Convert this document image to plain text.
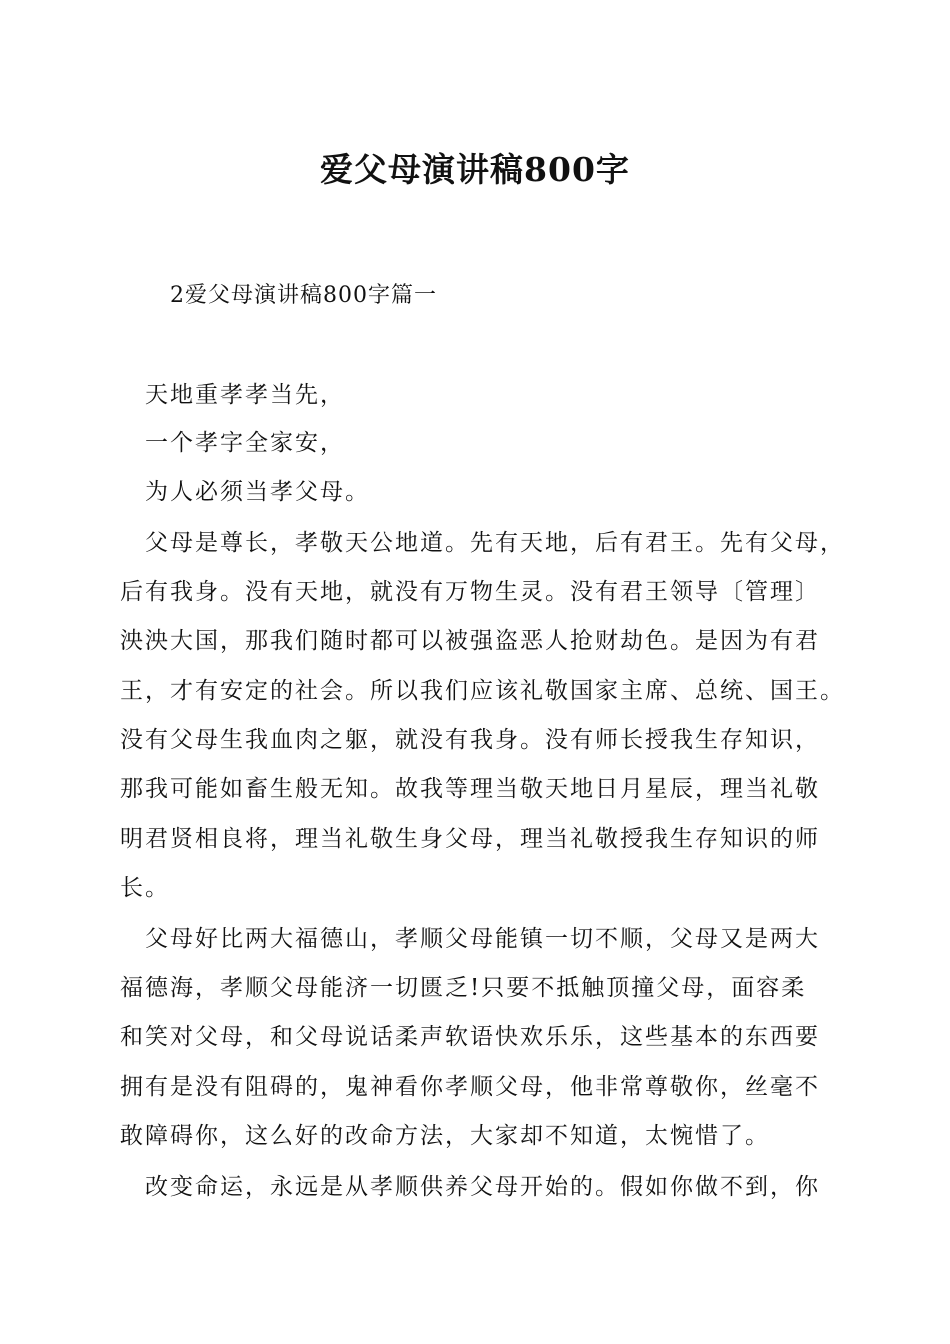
爱父母演讲稿800字

2爱父母演讲稿800字篇一

天地重孝孝当先，

一个孝字全家安，

为人必须当孝父母。

父母是尊长，孝敬天公地道。先有天地，后有君王。先有父母，

后有我身。没有天地，就没有万物生灵。没有君王领导〔管理〕

泱泱大国，那我们随时都可以被强盗恶人抢财劫色。是因为有君

王，才有安定的社会。所以我们应该礼敬国家主席、总统、国王。

没有父母生我血肉之躯，就没有我身。没有师长授我生存知识，

那我可能如畜生般无知。故我等理当敬天地日月星辰，理当礼敬

明君贤相良将，理当礼敬生身父母，理当礼敬授我生存知识的师

长。

父母好比两大福德山，孝顺父母能镇一切不顺，父母又是两大

福德海，孝顺父母能济一切匮乏!只要不抵触顶撞父母，面容柔

和笑对父母，和父母说话柔声软语快欢乐乐，这些基本的东西要

拥有是没有阻碍的，鬼神看你孝顺父母，他非常尊敬你，丝毫不

敢障碍你，这么好的改命方法，大家却不知道，太惋惜了。

改变命运，永远是从孝顺供养父母开始的。假如你做不到，你
